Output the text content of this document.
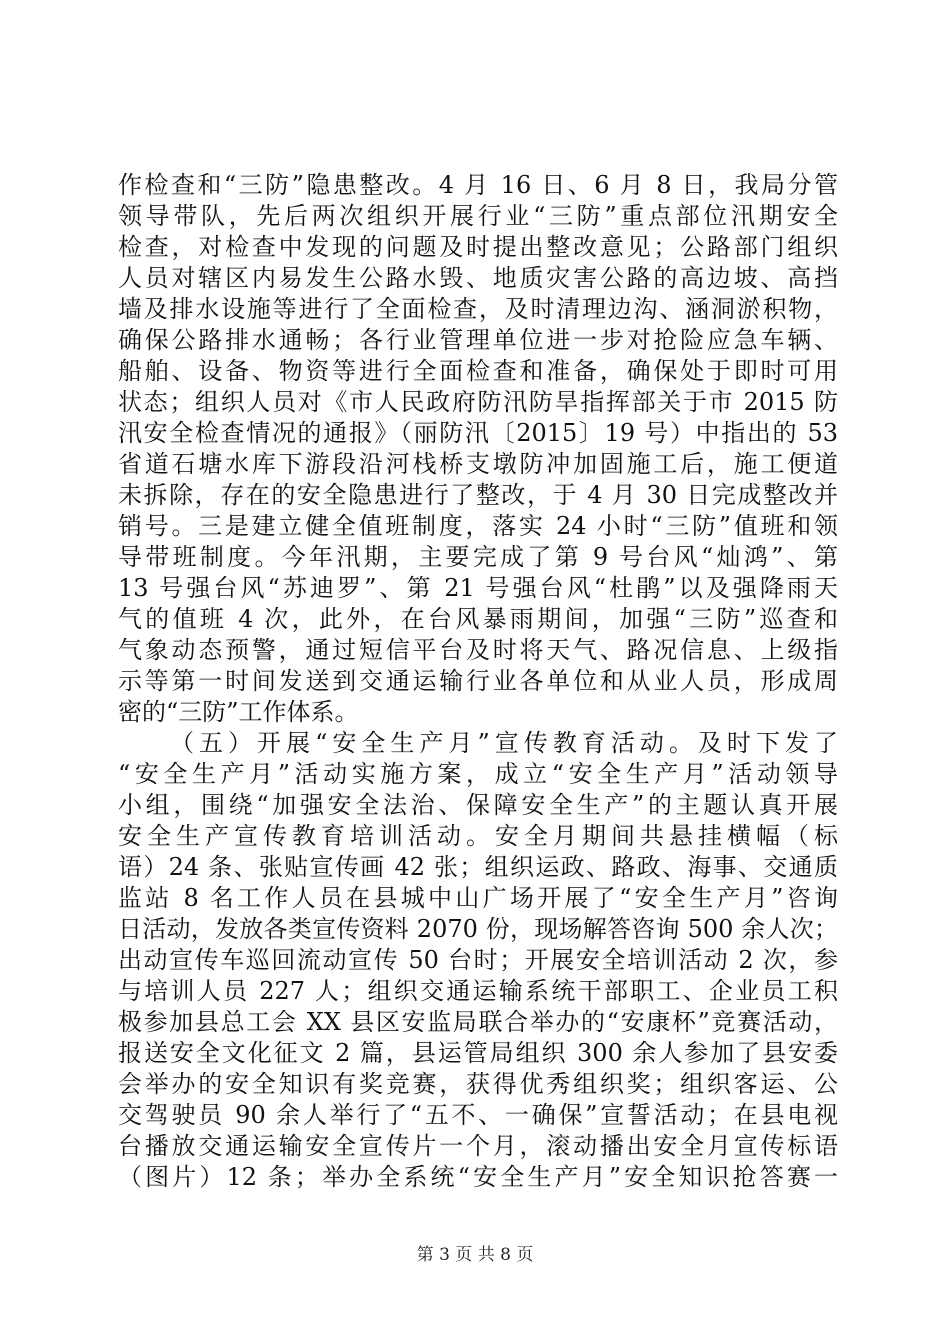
作检查和“三防”隐患整改。4 月 16 日、6 月 8 日，我局分管
领导带队，先后两次组织开展行业“三防”重点部位汛期安全
检查，对检查中发现的问题及时提出整改意见；公路部门组织
人员对辖区内易发生公路水毁、地质灾害公路的高边坡、高挡
墙及排水设施等进行了全面检查，及时清理边沟、涵洞淤积物，
确保公路排水通畅；各行业管理单位进一步对抢险应急车辆、
船舶、设备、物资等进行全面检查和准备，确保处于即时可用
状态；组织人员对《市人民政府防汛防旱指挥部关于市 2015 防
汛安全检查情况的通报》（丽防汛〔2015〕19 号）中指出的 53
省道石塘水库下游段沿河栈桥支墩防冲加固施工后，施工便道
未拆除，存在的安全隐患进行了整改，于 4 月 30 日完成整改并
销号。三是建立健全值班制度，落实 24 小时“三防”值班和领
导带班制度。今年汛期，主要完成了第 9 号台风“灿鸿”、第
13 号强台风“苏迪罗”、第 21 号强台风“杜鹃”以及强降雨天
气的值班 4 次，此外，在台风暴雨期间，加强“三防”巡查和
气象动态预警，通过短信平台及时将天气、路况信息、上级指
示等第一时间发送到交通运输行业各单位和从业人员，形成周
密的“三防”工作体系。
（五）开展“安全生产月”宣传教育活动。及时下发了
“安全生产月”活动实施方案，成立“安全生产月”活动领导
小组，围绕“加强安全法治、保障安全生产”的主题认真开展
安全生产宣传教育培训活动。安全月期间共悬挂横幅（标
语）24 条、张贴宣传画 42 张；组织运政、路政、海事、交通质
监站 8 名工作人员在县城中山广场开展了“安全生产月”咨询
日活动，发放各类宣传资料 2070 份，现场解答咨询 500 余人次；
出动宣传车巡回流动宣传 50 台时；开展安全培训活动 2 次，参
与培训人员 227 人；组织交通运输系统干部职工、企业员工积
极参加县总工会 XX 县区安监局联合举办的“安康杯”竞赛活动，
报送安全文化征文 2 篇，县运管局组织 300 余人参加了县安委
会举办的安全知识有奖竞赛，获得优秀组织奖；组织客运、公
交驾驶员 90 余人举行了“五不、一确保”宣誓活动；在县电视
台播放交通运输安全宣传片一个月，滚动播出安全月宣传标语
（图片）12 条；举办全系统“安全生产月”安全知识抢答赛一
第 3 页 共 8 页
